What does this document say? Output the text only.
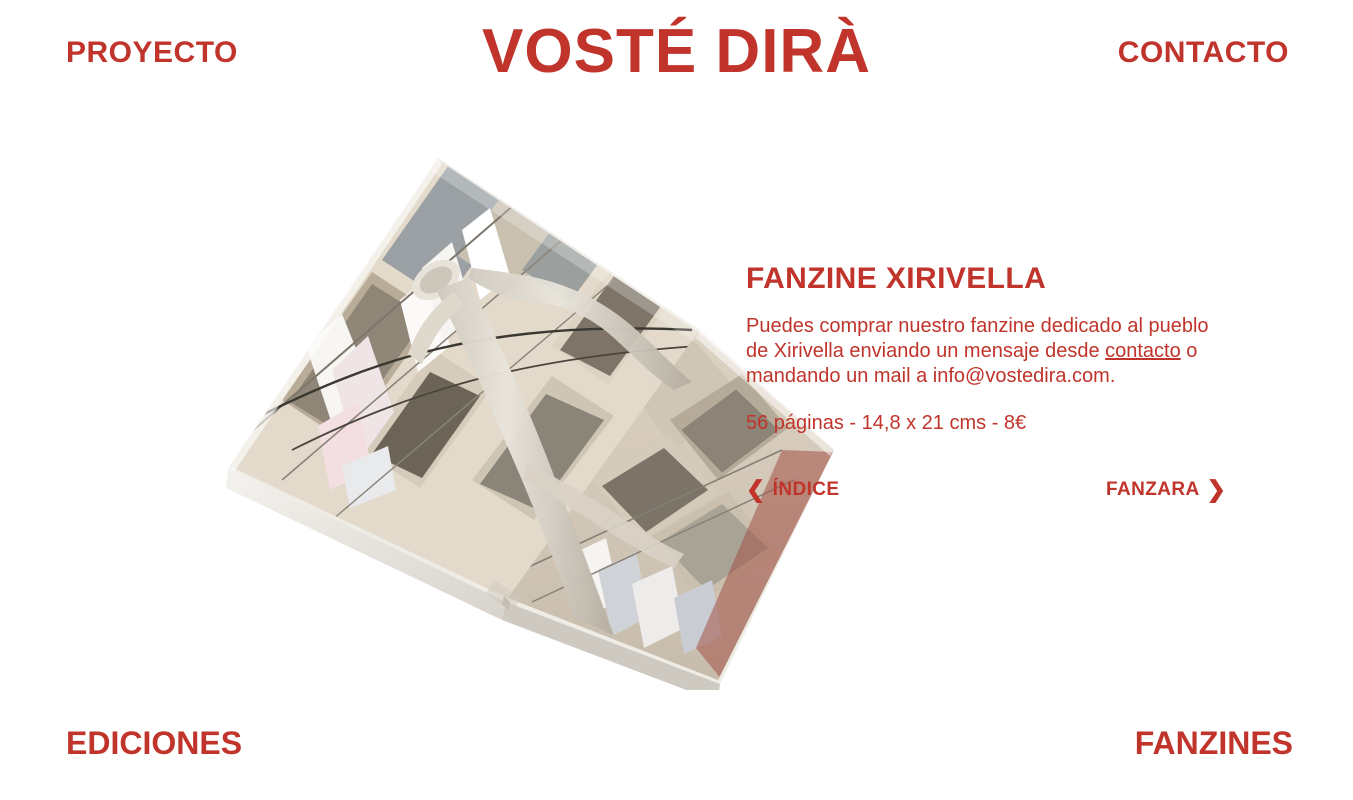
PROYECTO	VOSTÉ DIRÀ	CONTACTO
FANZINE XIRIVELLA

Puedes comprar nuestro fanzine dedicado al pueblo de Xirivella enviando un mensaje desde contacto o mandando un mail a info@vostedira.com.

56 páginas - 14,8 x 21 cms - 8€
❮ ÍNDICE	FANZARA ❯
EDICIONES	FANZINES
